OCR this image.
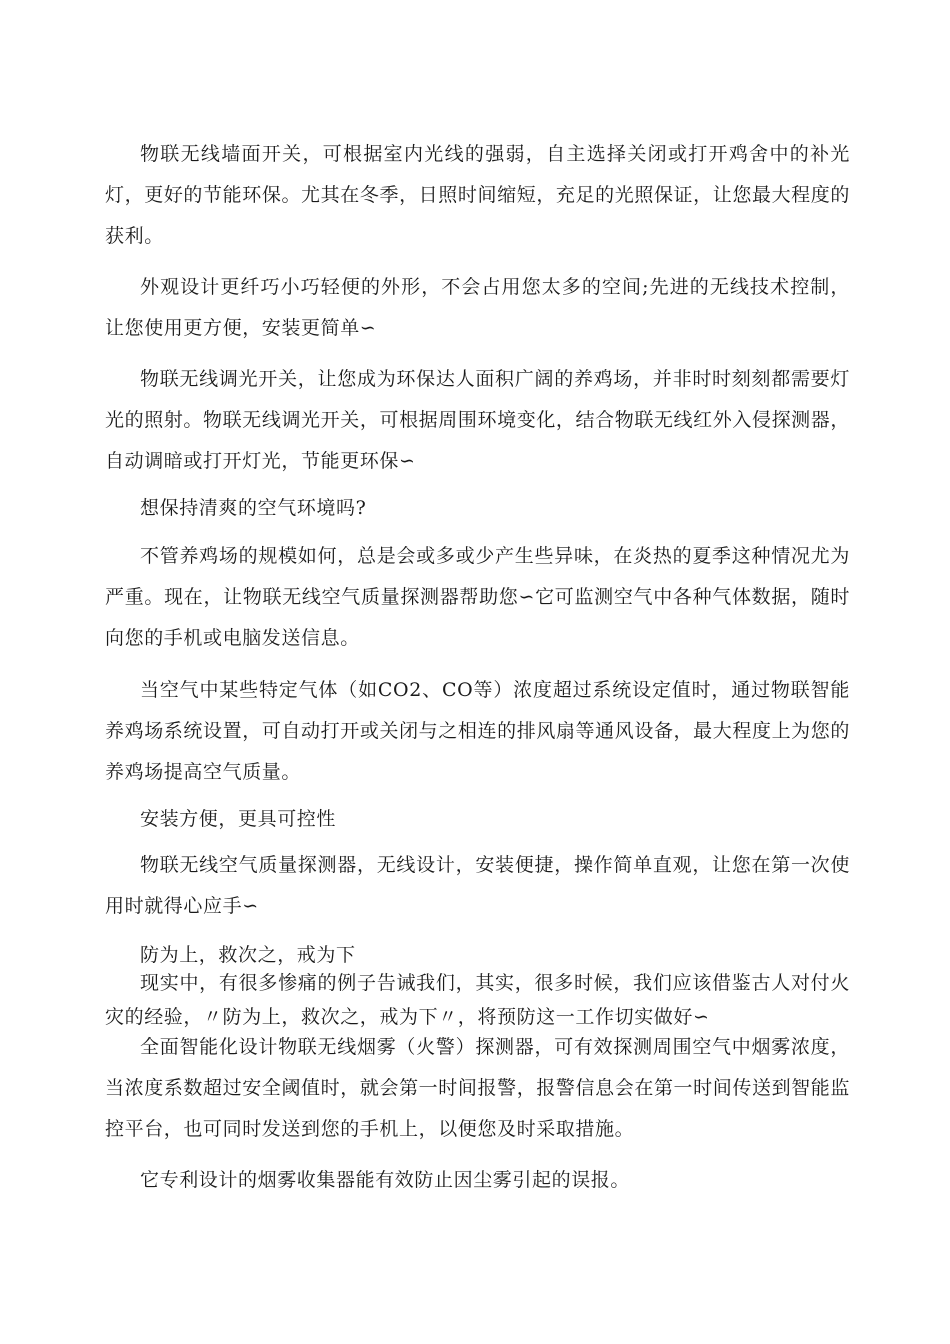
物联无线墙面开关，可根据室内光线的强弱，自主选择关闭或打开鸡舍中的补光灯，更好的节能环保。尤其在冬季，日照时间缩短，充足的光照保证，让您最大程度的获利。

外观设计更纤巧小巧轻便的外形，不会占用您太多的空间;先进的无线技术控制，让您使用更方便，安装更简单∽

物联无线调光开关，让您成为环保达人面积广阔的养鸡场，并非时时刻刻都需要灯光的照射。物联无线调光开关，可根据周围环境变化，结合物联无线红外入侵探测器，自动调暗或打开灯光，节能更环保∽

想保持清爽的空气环境吗?

不管养鸡场的规模如何，总是会或多或少产生些异味，在炎热的夏季这种情况尤为严重。现在，让物联无线空气质量探测器帮助您∽它可监测空气中各种气体数据，随时向您的手机或电脑发送信息。

当空气中某些特定气体（如CO2、CO等）浓度超过系统设定值时，通过物联智能养鸡场系统设置，可自动打开或关闭与之相连的排风扇等通风设备，最大程度上为您的养鸡场提高空气质量。

安装方便，更具可控性

物联无线空气质量探测器，无线设计，安装便捷，操作简单直观，让您在第一次使用时就得心应手∽

防为上，救次之，戒为下

现实中，有很多惨痛的例子告诫我们，其实，很多时候，我们应该借鉴古人对付火灾的经验，〃防为上，救次之，戒为下〃，将预防这一工作切实做好∽

全面智能化设计物联无线烟雾（火警）探测器，可有效探测周围空气中烟雾浓度，当浓度系数超过安全阈值时，就会第一时间报警，报警信息会在第一时间传送到智能监控平台，也可同时发送到您的手机上，以便您及时采取措施。

它专利设计的烟雾收集器能有效防止因尘雾引起的误报。
